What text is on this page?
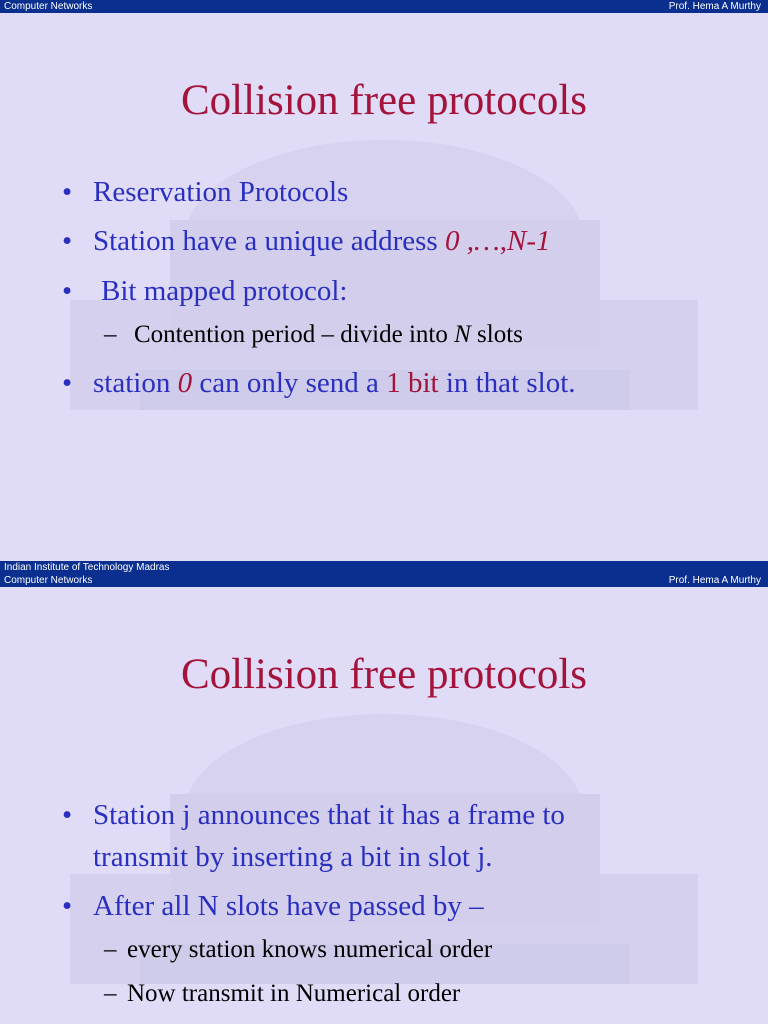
Computer Networks	Prof. Hema A Murthy
Collision free protocols
• Reservation Protocols
• Station have a unique address 0 ,…,N-1
• Bit mapped protocol:
– Contention period – divide into N slots
• station 0 can only send a 1 bit in that slot.
Indian Institute of Technology Madras
Computer Networks	Prof. Hema A Murthy
Collision free protocols
• Station j announces that it has a frame to
transmit by inserting a bit in slot j.
• After all N slots have passed by –
– every station knows numerical order
– Now transmit in Numerical order
